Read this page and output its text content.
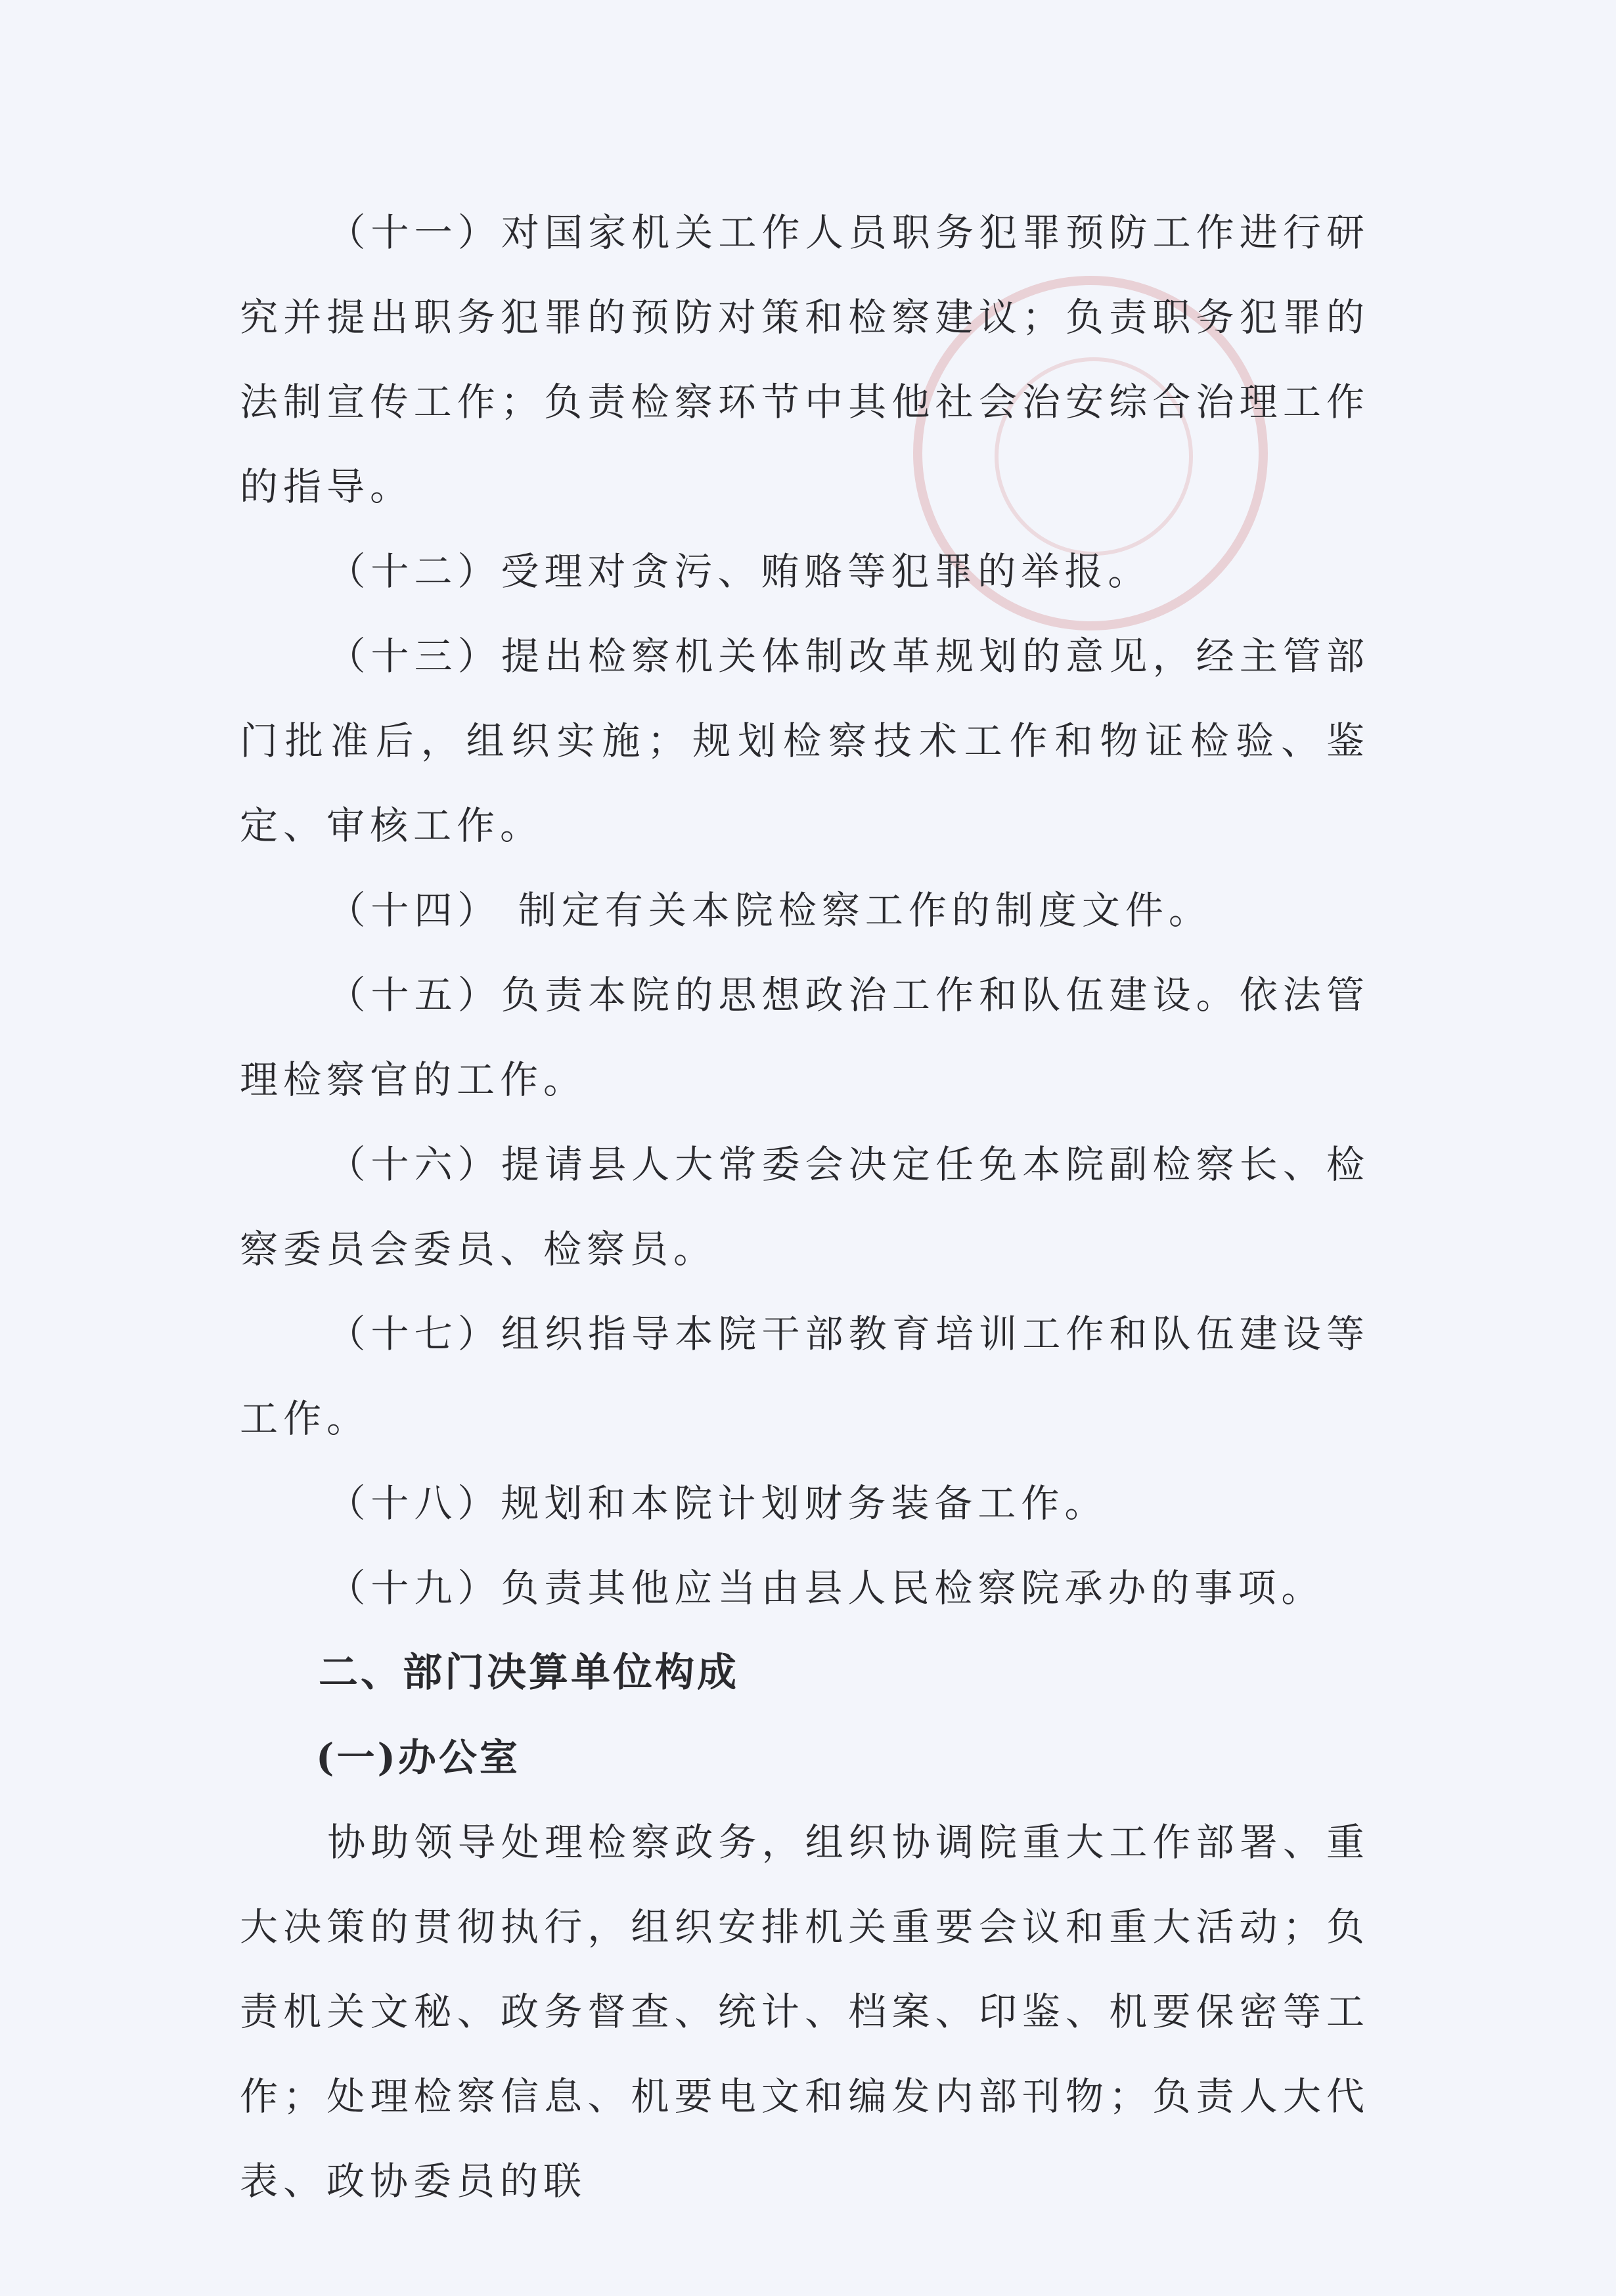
（十一）对国家机关工作人员职务犯罪预防工作进行研究并提出职务犯罪的预防对策和检察建议；负责职务犯罪的法制宣传工作；负责检察环节中其他社会治安综合治理工作的指导。

（十二）受理对贪污、贿赂等犯罪的举报。

（十三）提出检察机关体制改革规划的意见，经主管部门批准后，组织实施；规划检察技术工作和物证检验、鉴定、审核工作。

（十四） 制定有关本院检察工作的制度文件。

（十五）负责本院的思想政治工作和队伍建设。依法管理检察官的工作。

（十六）提请县人大常委会决定任免本院副检察长、检察委员会委员、检察员。

（十七）组织指导本院干部教育培训工作和队伍建设等工作。

（十八）规划和本院计划财务装备工作。

（十九）负责其他应当由县人民检察院承办的事项。

二、部门决算单位构成
(一)办公室

协助领导处理检察政务，组织协调院重大工作部署、重大决策的贯彻执行，组织安排机关重要会议和重大活动；负责机关文秘、政务督查、统计、档案、印鉴、机要保密等工作；处理检察信息、机要电文和编发内部刊物；负责人大代表、政协委员的联
